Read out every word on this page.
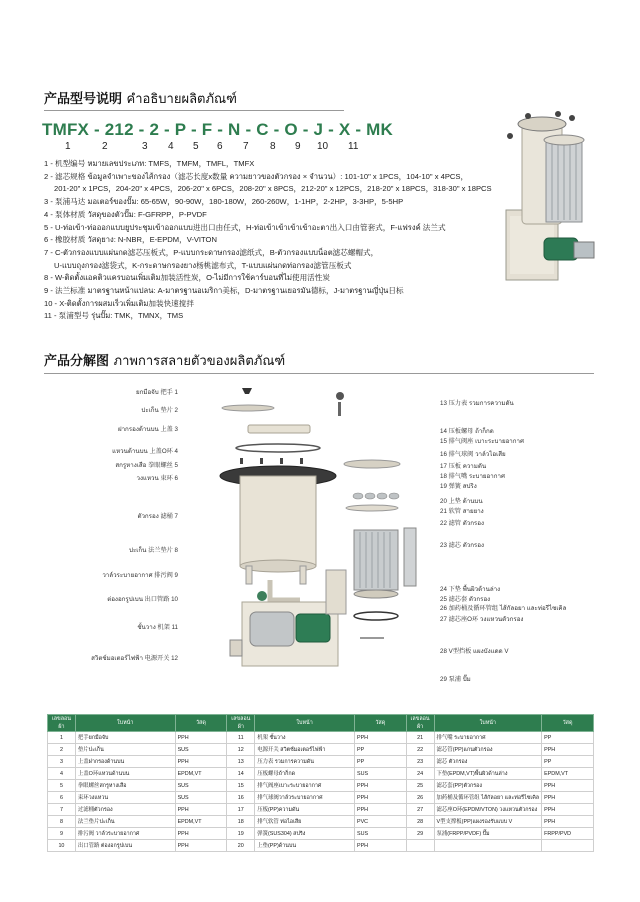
产品型号说明 คำอธิบายผลิตภัณฑ์
TMFX - 212 - 2 - P - F - N - C - O - J - X - MK
1	2	3 4 5 6 7 8 9 10 11
1 - 机型编号 หมายเลขประเภท: TMFS，TMFM，TMFL，TMFX
2 - 滤芯规格 ข้อมูลจำเพาะของไส้กรอง（滤芯长度x数量 ความยาวของตัวกรอง × จำนวน）: 101-10" x 1PCS，104-10" x 4PCS，
201-20" x 1PCS，204-20" x 4PCS，206-20" x 6PCS，208-20" x 8PCS，212-20" x 12PCS，218-20" x 18PCS，318-30" x 18PCS
3 - 泵浦马达 มอเตอร์ของปั๊ม: 65-65W，90-90W，180-180W，260-260W，1-1HP，2-2HP，3-3HP，5-5HP
4 - 泵体材质 วัสดุของตัวปั๊ม: F-GFRPP，P-PVDF
5 - U-ท่อเข้า-ท่อออกแบบยูประชุมเข้าออกแบบ进出口由任式，H-ท่อเข้าเข้าเข้าเข้าอะตา出入口由管套式，F-แฟรงค์ 法兰式
6 - 橡胶材质 วัสดุยาง: N-NBR，E-EPDM，V-VITON
7 - C-ตัวกรองแบบแผ่นกด滤芯压板式，P-แบบกระดาษกรอง滤纸式，B-ตัวกรองแบบน็อต滤芯螺帽式，
U-แบบถุงกรอง滤袋式，K-กระดาษกรองยาง杨桃滤布式，T-แบบแผ่นกดท่อกรอง滤管压板式
8 - W-ติดตั้งแอคติวแครบอนเพิ่มเติม加装活性炭，O-ไม่มีการใช้คาร์บอนที่ไม่使用活性炭
9 - 法兰标准 มาตรฐานหน้าแปลน: A-มาตรฐานอเมริกา美标，D-มาตรฐานเยอรมัน德标，J-มาตรฐานญี่ปุ่น日标
10 - X-ติดตั้งการผสมเร็วเพิ่มเติม加装快速搅拌
11 - 泵浦型号 รุ่นปั๊ม: TMK，TMNX，TMS
产品分解图 ภาพการสลายตัวของผลิตภัณฑ์
ยกมือจับ 把手 1
ปะเก็น 垫片 2
ฝากรองด้านบน 上盖 3
แหวนด้านบน 上盖O环 4
สกรูหางเสือ 拳眼螺丝 5
วงแหวน 束环 6
ตัวกรอง 滤桶 7
ปะเก็น 法兰垫片 8
วาล์วระบายอากาศ 排污阀 9
ต่องอกรูปเบน 出口管路 10
ชั้นวาง 机架 11
สวิตช์มอเตอร์ไฟฟ้า 电源开关 12
13 压力表 รวมการความดัน
14 压板螺母 ถ้าก็กด
15 排气阀座 เบาะระบายอากาศ
16 排气球阀 วาล์วไอเสีย
17 压板 ความดัน
18 排气嘴 ระบายอากาศ
19 弹簧 สปริง
20 上垫 ด้านบน
21 软管 สายยาง
22 滤管 ตัวกรอง
23 滤芯 ตัวกรอง
24 下垫 พื้นผิวด้านล่าง
25 滤芯套 ตัวกรอง
26 加药桶及循环管组 ไส้กัลอยา และท่อรีไซเคิล
27 滤芯座O环 วงแหวนตัวกรอง
28 V型挡板 แผงบังแดด V
29 泵浦 ปั๊ม
เลขลอนผ้า	ใบหน้า	วัสดุ	เลขลอนผ้า	ใบหน้า	วัสดุ	เลขลอนผ้า	ใบหน้า	วัสดุ
1	把手ยกมือจับ	PPH	11	机架 ชั้นวาง	PPH	21	排气嘴 ระบายอากาศ	PP
2	垫片ปะเก็น	SUS	12	电源开关 สวิตช์มอเตอร์ไฟฟ้า	PP	22	滤芯管(PP)แกนตัวกรอง	PPH
3	上盖ฝากรองด้านบน	PPH	13	压力表 รวมการความดัน	PP	23	滤芯 ตัวกรอง	PP
4	上盖O环แหวนด้านบน	EPDM,VT	14	压板螺母ถ้าก็กด	SUS	24	下垫(EPDM,VT)พื้นผิวด้านล่าง	EPDM,VT
5	拳眼螺丝สกรูหางเสือ	SUS	15	排气阀座เบาะระบายอากาศ	PPH	25	滤芯套(PP)ตัวกรอง	PPH
6	束环วงแหวน	SUS	16	排气球阀วาล์วระบายอากาศ	PPH	26	加药桶及循环管组 ไส้กัลอยา และท่อรีไซเคิล	PPH
7	过滤桶ตัวกรอง	PPH	17	压板(PP)ความดัน	PPH	27	滤芯座O环(EPDM/VTON) วงแหวนตัวกรอง	PPH
8	法兰垫片ปะเก็น	EPDM,VT	18	排气软管 ท่อไอเสีย	PVC	28	V型支撑板(PP)แผงรองรับแบบ V	PPH
9	排污阀 วาล์วระบายอากาศ	PPH	19	弹簧(SUS304) สปริง	SUS	29	泵浦(FRPP/PVDF) ปั๊ม	FRPP/PVD
10	出口管路 ต่องอกรูปเบน	PPH	20	上垫(PP)ด้านบน	PPH			
